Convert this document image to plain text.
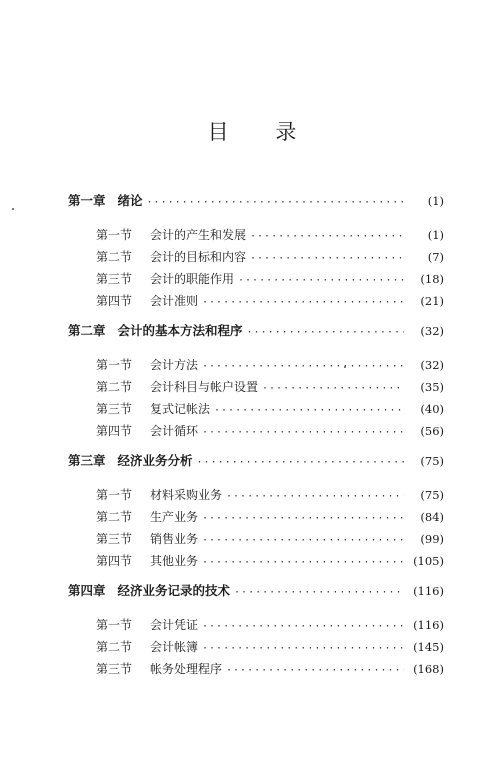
目 录
第一章 绪论 ·····	(1)
第一节	会计的产生和发展 ·····	(1)
第二节	会计的目标和内容 ·····	(7)
第三节	会计的职能作用 ·····	(18)
第四节	会计准则 ·····	(21)
第二章 会计的基本方法和程序 ·····	(32)
第一节	会计方法 ·····	(32)
第二节	会计科目与帐户设置 ·····	(35)
第三节	复式记帐法 ·····	(40)
第四节	会计循环 ·····	(56)
第三章 经济业务分析 ·····	(75)
第一节	材料采购业务 ·····	(75)
第二节	生产业务 ·····	(84)
第三节	销售业务 ·····	(99)
第四节	其他业务 ·····	(105)
第四章 经济业务记录的技术 ·····	(116)
第一节	会计凭证 ·····	(116)
第二节	会计帐簿 ·····	(145)
第三节	帐务处理程序 ·····	(168)
